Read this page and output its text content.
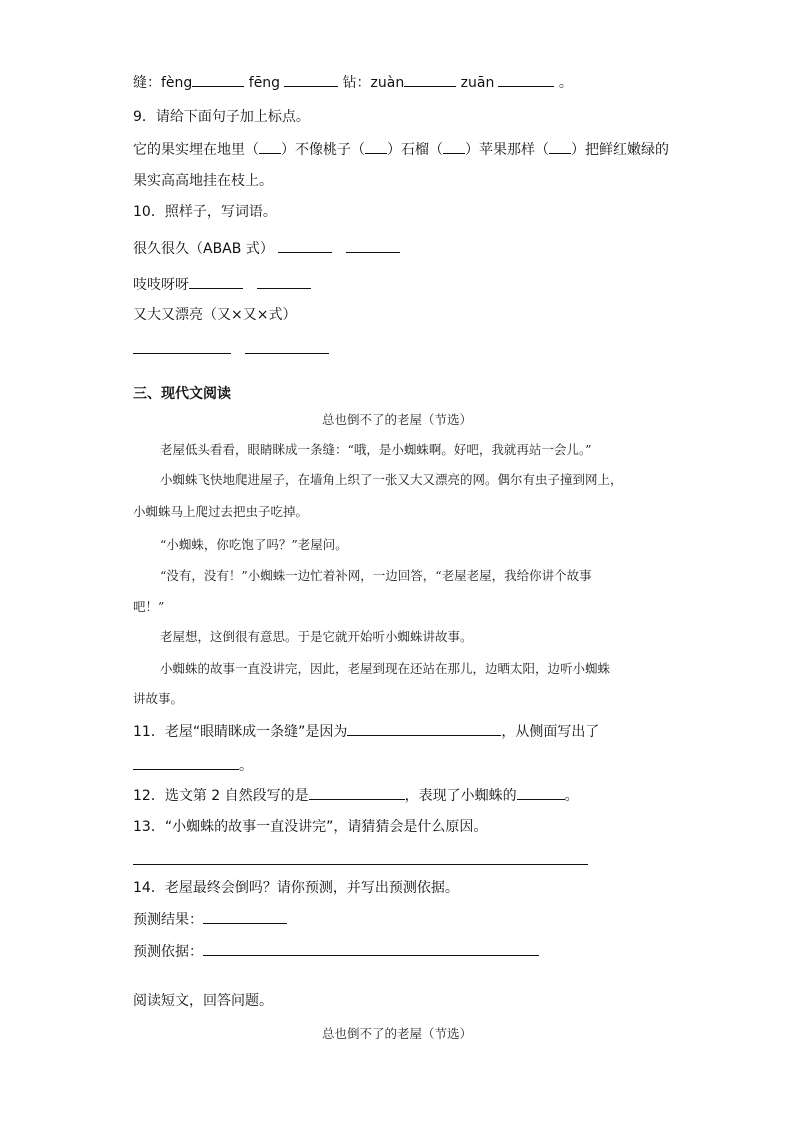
缝：fèng	fēng	钻：zuàn	zuān	。
9．请给下面句子加上标点。
它的果实埋在地里（ ）不像桃子（ ）石榴（ ）苹果那样（ ）把鲜红嫩绿的
果实高高地挂在枝上。
10．照样子，写词语。
很久很久（ABAB 式）
吱吱呀呀
又大又漂亮（又×又×式）
三、现代文阅读
总也倒不了的老屋（节选）
老屋低头看看，眼睛眯成一条缝：“哦，是小蜘蛛啊。好吧，我就再站一会儿。”
小蜘蛛飞快地爬进屋子，在墙角上织了一张又大又漂亮的网。偶尔有虫子撞到网上，
小蜘蛛马上爬过去把虫子吃掉。
“小蜘蛛，你吃饱了吗？”老屋问。
“没有，没有！”小蜘蛛一边忙着补网，一边回答，“老屋老屋，我给你讲个故事
吧！”
老屋想，这倒很有意思。于是它就开始听小蜘蛛讲故事。
小蜘蛛的故事一直没讲完，因此，老屋到现在还站在那儿，边晒太阳，边听小蜘蛛
讲故事。
11．老屋“眼睛眯成一条缝”是因为	，从侧面写出了
。
12．选文第 2 自然段写的是	，表现了小蜘蛛的	。
13．“小蜘蛛的故事一直没讲完”，请猜猜会是什么原因。
14．老屋最终会倒吗？请你预测，并写出预测依据。
预测结果：
预测依据：
阅读短文，回答问题。
总也倒不了的老屋（节选）
